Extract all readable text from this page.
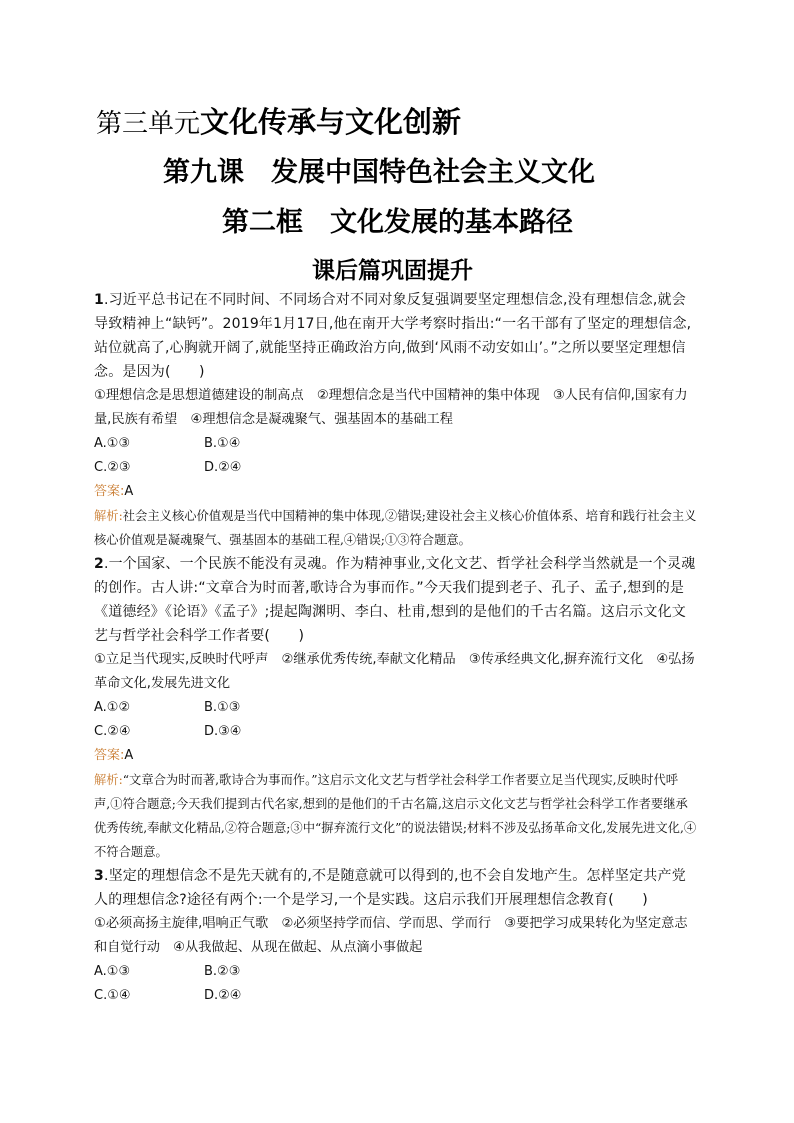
第三单元文化传承与文化创新
第九课　发展中国特色社会主义文化
第二框　文化发展的基本路径
课后篇巩固提升

1.习近平总书记在不同时间、不同场合对不同对象反复强调要坚定理想信念,没有理想信念,就会导致精神上“缺钙”。2019年1月17日,他在南开大学考察时指出:“一名干部有了坚定的理想信念,站位就高了,心胸就开阔了,就能坚持正确政治方向,做到‘风雨不动安如山’。”之所以要坚定理想信念。是因为(　　)

①理想信念是思想道德建设的制高点　②理想信念是当代中国精神的集中体现　③人民有信仰,国家有力量,民族有希望　④理想信念是凝魂聚气、强基固本的基础工程

A.①③	B.①④

C.②③	D.②④

答案:A

解析:社会主义核心价值观是当代中国精神的集中体现,②错误;建设社会主义核心价值体系、培育和践行社会主义核心价值观是凝魂聚气、强基固本的基础工程,④错误;①③符合题意。

2.一个国家、一个民族不能没有灵魂。作为精神事业,文化文艺、哲学社会科学当然就是一个灵魂的创作。古人讲:“文章合为时而著,歌诗合为事而作。”今天我们提到老子、孔子、孟子,想到的是《道德经》《论语》《孟子》;提起陶渊明、李白、杜甫,想到的是他们的千古名篇。这启示文化文艺与哲学社会科学工作者要(　　)

①立足当代现实,反映时代呼声　②继承优秀传统,奉献文化精品　③传承经典文化,摒弃流行文化　④弘扬革命文化,发展先进文化

A.①②	B.①③

C.②④	D.③④

答案:A

解析:“文章合为时而著,歌诗合为事而作。”这启示文化文艺与哲学社会科学工作者要立足当代现实,反映时代呼声,①符合题意;今天我们提到古代名家,想到的是他们的千古名篇,这启示文化文艺与哲学社会科学工作者要继承优秀传统,奉献文化精品,②符合题意;③中“摒弃流行文化”的说法错误;材料不涉及弘扬革命文化,发展先进文化,④不符合题意。

3.坚定的理想信念不是先天就有的,不是随意就可以得到的,也不会自发地产生。怎样坚定共产党人的理想信念?途径有两个:一个是学习,一个是实践。这启示我们开展理想信念教育(　　)

①必须高扬主旋律,唱响正气歌　②必须坚持学而信、学而思、学而行　③要把学习成果转化为坚定意志和自觉行动　④从我做起、从现在做起、从点滴小事做起

A.①③	B.②③

C.①④	D.②④
